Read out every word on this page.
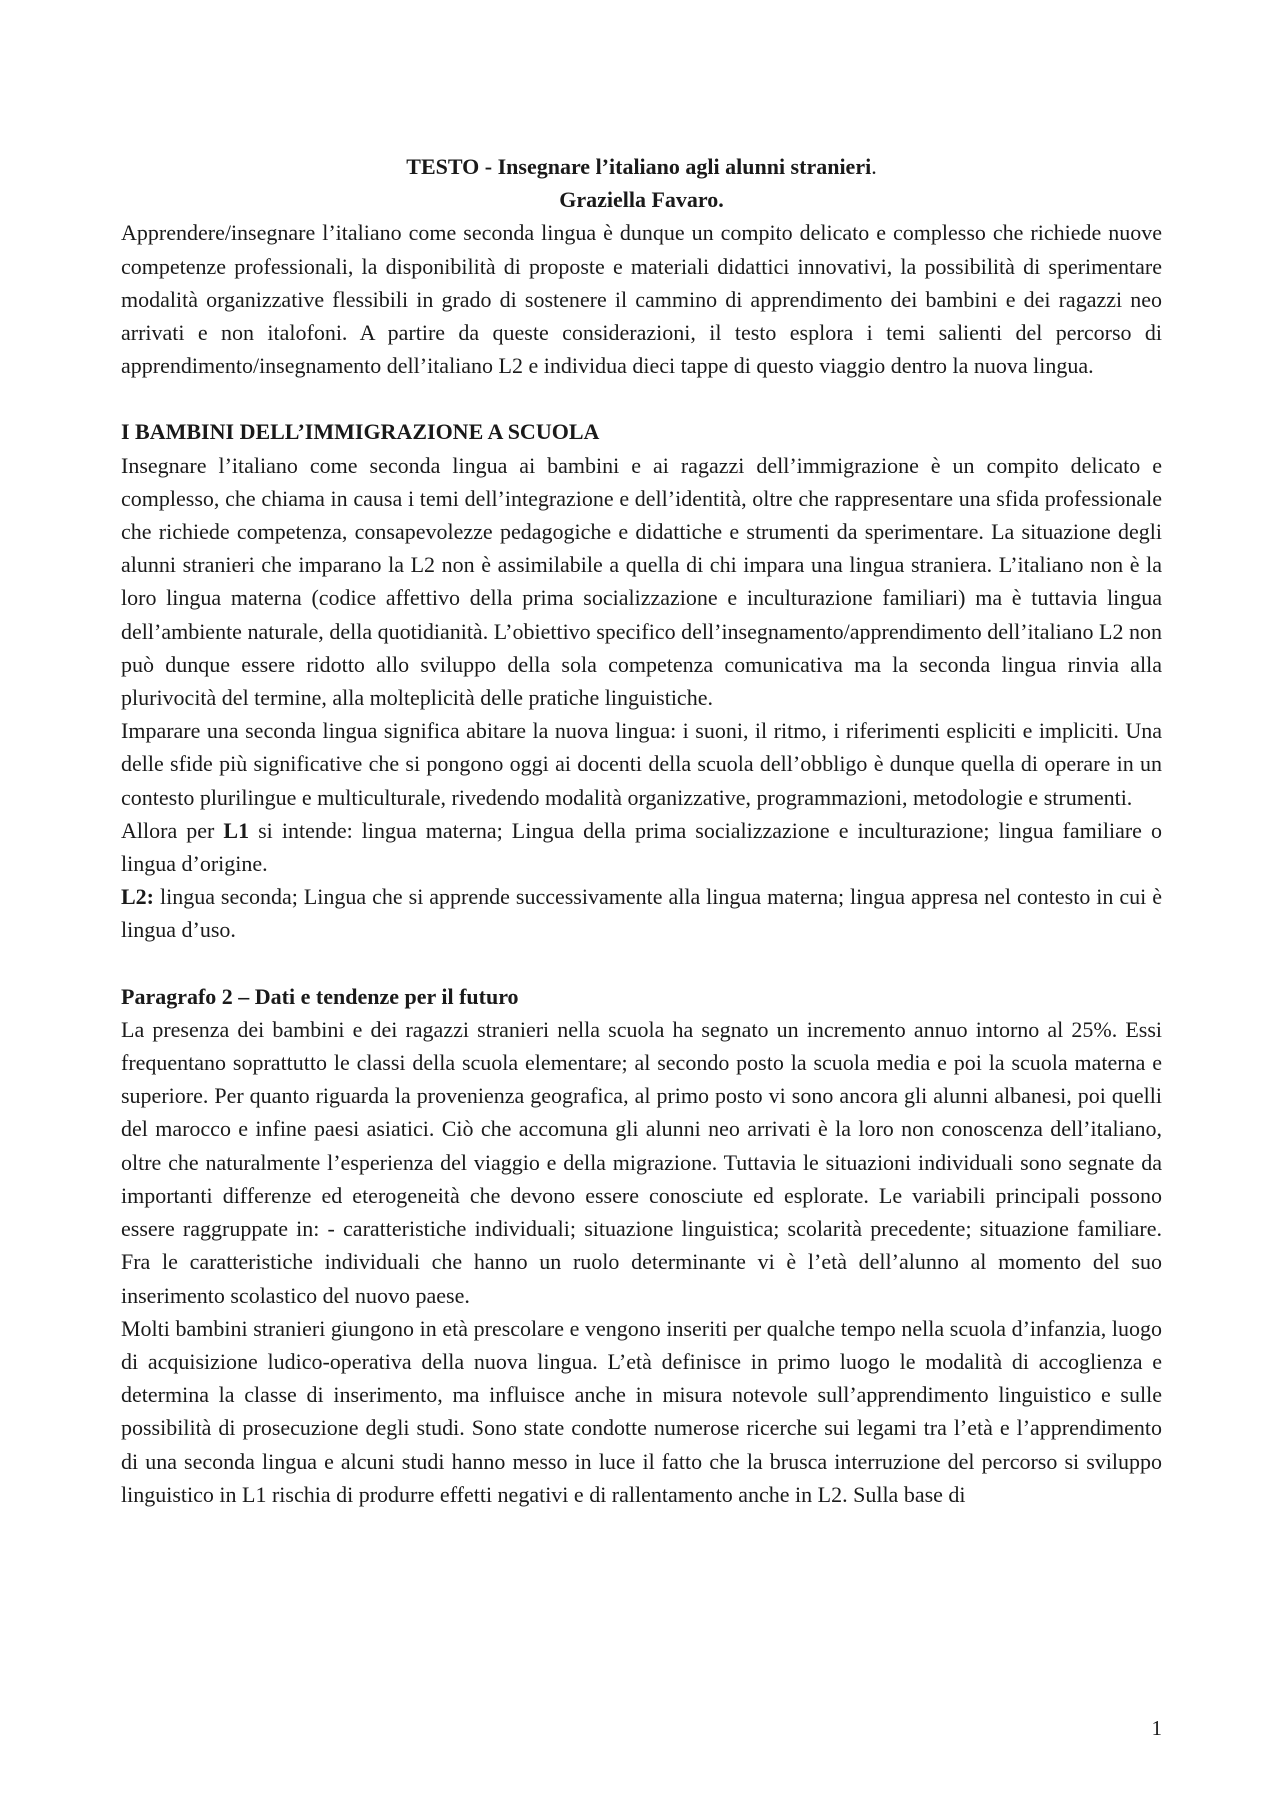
TESTO - Insegnare l’italiano agli alunni stranieri.
Graziella Favaro.

Apprendere/insegnare l’italiano come seconda lingua è dunque un compito delicato e complesso che richiede nuove competenze professionali, la disponibilità di proposte e materiali didattici innovativi, la possibilità di sperimentare modalità organizzative flessibili in grado di sostenere il cammino di apprendimento dei bambini e dei ragazzi neo arrivati e non italofoni. A partire da queste considerazioni, il testo esplora i temi salienti del percorso di apprendimento/insegnamento dell’italiano L2 e individua dieci tappe di questo viaggio dentro la nuova lingua.

I BAMBINI DELL’IMMIGRAZIONE A SCUOLA

Insegnare l’italiano come seconda lingua ai bambini e ai ragazzi dell’immigrazione è un compito delicato e complesso, che chiama in causa i temi dell’integrazione e dell’identità, oltre che rappresentare una sfida professionale che richiede competenza, consapevolezze pedagogiche e didattiche e strumenti da sperimentare. La situazione degli alunni stranieri che imparano la L2 non è assimilabile a quella di chi impara una lingua straniera. L’italiano non è la loro lingua materna (codice affettivo della prima socializzazione e inculturazione familiari) ma è tuttavia lingua dell’ambiente naturale, della quotidianità. L’obiettivo specifico dell’insegnamento/apprendimento dell’italiano L2 non può dunque essere ridotto allo sviluppo della sola competenza comunicativa ma la seconda lingua rinvia alla plurivocità del termine, alla molteplicità delle pratiche linguistiche.

Imparare una seconda lingua significa abitare la nuova lingua: i suoni, il ritmo, i riferimenti espliciti e impliciti. Una delle sfide più significative che si pongono oggi ai docenti della scuola dell’obbligo è dunque quella di operare in un contesto plurilingue e multiculturale, rivedendo modalità organizzative, programmazioni, metodologie e strumenti.

Allora per L1 si intende: lingua materna; Lingua della prima socializzazione e inculturazione; lingua familiare o lingua d’origine.

L2: lingua seconda; Lingua che si apprende successivamente alla lingua materna; lingua appresa nel contesto in cui è lingua d’uso.

Paragrafo 2 – Dati e tendenze per il futuro

La presenza dei bambini e dei ragazzi stranieri nella scuola ha segnato un incremento annuo intorno al 25%. Essi frequentano soprattutto le classi della scuola elementare; al secondo posto la scuola media e poi la scuola materna e superiore. Per quanto riguarda la provenienza geografica, al primo posto vi sono ancora gli alunni albanesi, poi quelli del marocco e infine paesi asiatici. Ciò che accomuna gli alunni neo arrivati è la loro non conoscenza dell’italiano, oltre che naturalmente l’esperienza del viaggio e della migrazione. Tuttavia le situazioni individuali sono segnate da importanti differenze ed eterogeneità che devono essere conosciute ed esplorate. Le variabili principali possono essere raggruppate in: - caratteristiche individuali; situazione linguistica; scolarità precedente; situazione familiare. Fra le caratteristiche individuali che hanno un ruolo determinante vi è l’età dell’alunno al momento del suo inserimento scolastico del nuovo paese.

Molti bambini stranieri giungono in età prescolare e vengono inseriti per qualche tempo nella scuola d’infanzia, luogo di acquisizione ludico-operativa della nuova lingua. L’età definisce in primo luogo le modalità di accoglienza e determina la classe di inserimento, ma influisce anche in misura notevole sull’apprendimento linguistico e sulle possibilità di prosecuzione degli studi. Sono state condotte numerose ricerche sui legami tra l’età e l’apprendimento di una seconda lingua e alcuni studi hanno messo in luce il fatto che la brusca interruzione del percorso si sviluppo linguistico in L1 rischia di produrre effetti negativi e di rallentamento anche in L2. Sulla base di

1
